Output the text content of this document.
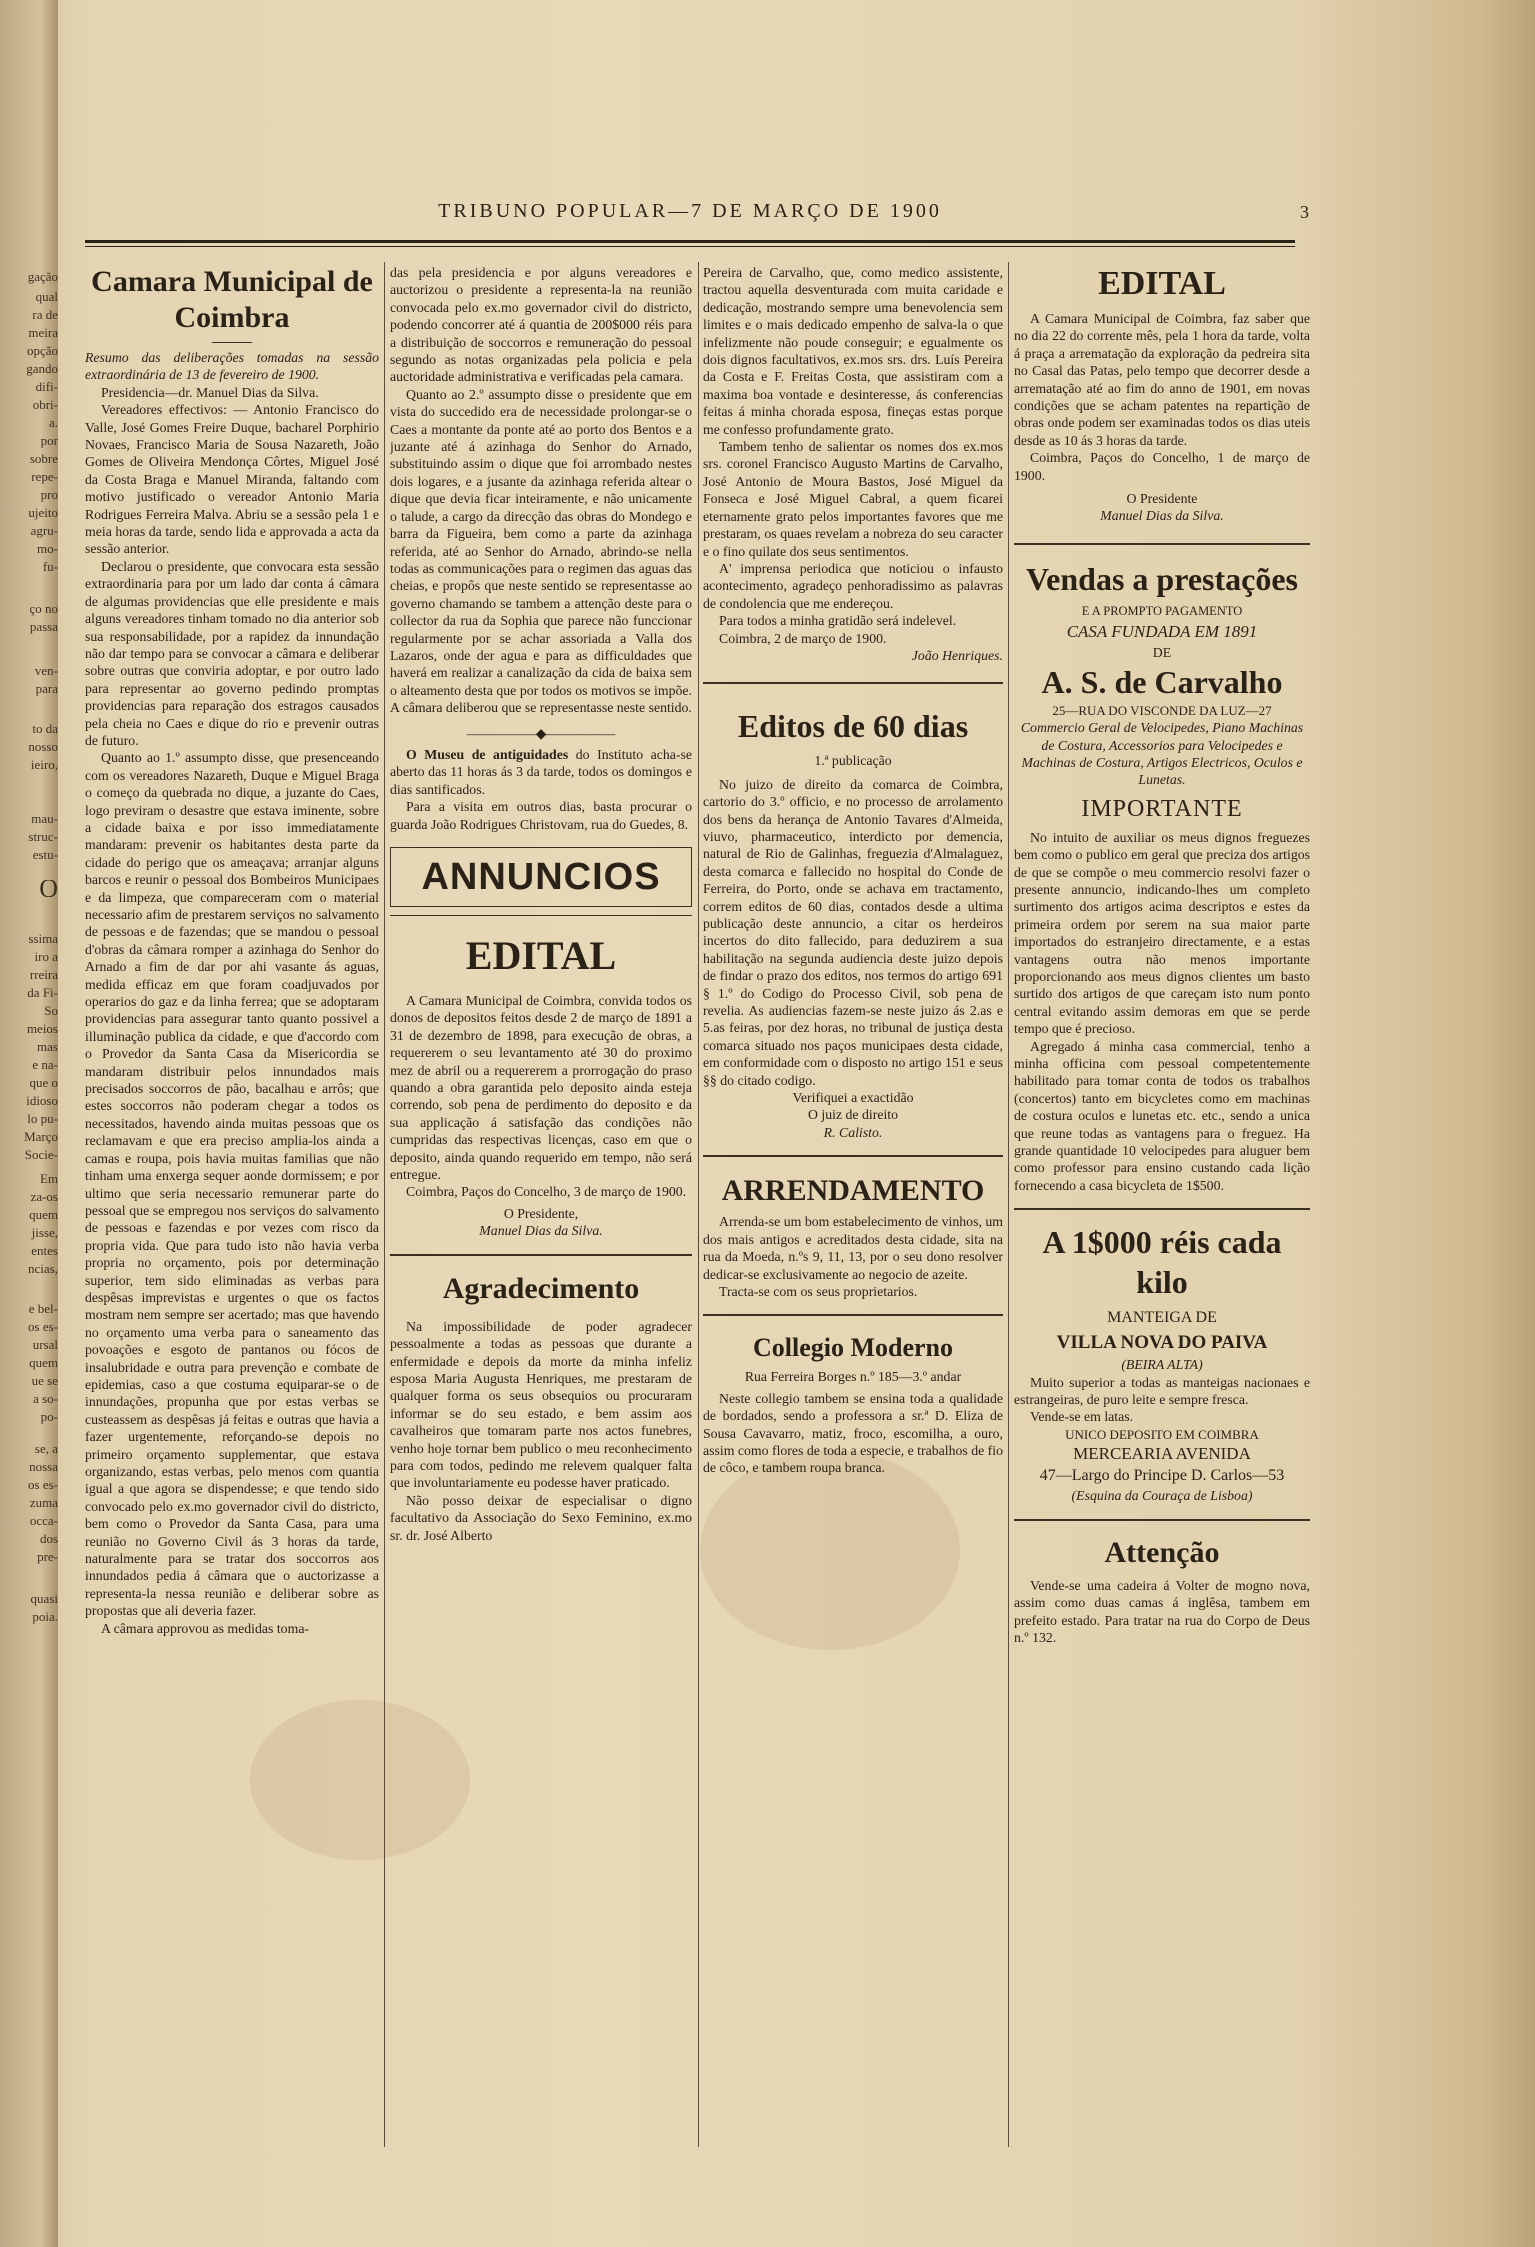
gação
qual
ra de
meira
opção
gando
difi-
obri-
a.
por
sobre
repe-
pro
ujeito
agru-
mo-
fu-
ço no
passa
ven-
para
to da
nosso
ieiro,
mau-
struc-
estu-
O
ssima
iro a
rreira
da Fi-
So
meios
mas
e na-
que o
idioso
lo pu-
Março
Socie-
Em
za-os
quem
jisse,
entes
ncias,
e bel-
os es-
ursal
quem
ue se
a so-
po-
se, a
nossa
os es-
zuma
occa-
dos
pre-
quasi
poia.
TRIBUNO POPULAR—7 DE MARÇO DE 1900	3
Camara Municipal de Coimbra

Resumo das deliberações tomadas na sessão extraordinária de 13 de fevereiro de 1900.

Presidencia—dr. Manuel Dias da Silva.

Vereadores effectivos: — Antonio Francisco do Valle, José Gomes Freire Duque, bacharel Porphirio Novaes, Francisco Maria de Sousa Nazareth, João Gomes de Oliveira Mendonça Côrtes, Miguel José da Costa Braga e Manuel Miranda, faltando com motivo justificado o vereador Antonio Maria Rodrigues Ferreira Malva. Abriu se a sessão pela 1 e meia horas da tarde, sendo lida e approvada a acta da sessão anterior.

Declarou o presidente, que convocara esta sessão extraordinaria para por um lado dar conta á câmara de algumas providencias que elle presidente e mais alguns vereadores tinham tomado no dia anterior sob sua responsabilidade, por a rapidez da innundação não dar tempo para se convocar a câmara e deliberar sobre outras que conviria adoptar, e por outro lado para representar ao governo pedindo promptas providencias para reparação dos estragos causados pela cheia no Caes e dique do rio e prevenir outras de futuro.

Quanto ao 1.º assumpto disse, que presenceando com os vereadores Nazareth, Duque e Miguel Braga o começo da quebrada no dique, a juzante do Caes, logo previram o desastre que estava iminente, sobre a cidade baixa e por isso immediatamente mandaram: prevenir os habitantes desta parte da cidade do perigo que os ameaçava; arranjar alguns barcos e reunir o pessoal dos Bombeiros Municipaes e da limpeza, que compareceram com o material necessario afim de prestarem serviços no salvamento de pessoas e de fazendas; que se mandou o pessoal d'obras da câmara romper a azinhaga do Senhor do Arnado a fim de dar por ahi vasante ás aguas, medida efficaz em que foram coadjuvados por operarios do gaz e da linha ferrea; que se adoptaram providencias para assegurar tanto quanto possivel a illuminação publica da cidade, e que d'accordo com o Provedor da Santa Casa da Misericordia se mandaram distribuir pelos innundados mais precisados soccorros de pão, bacalhau e arrôs; que estes soccorros não poderam chegar a todos os necessitados, havendo ainda muitas pessoas que os reclamavam e que era preciso amplia-los ainda a camas e roupa, pois havia muitas familias que não tinham uma enxerga sequer aonde dormissem; e por ultimo que seria necessario remunerar parte do pessoal que se empregou nos serviços do salvamento de pessoas e fazendas e por vezes com risco da propria vida. Que para tudo isto não havia verba propria no orçamento, pois por determinação superior, tem sido eliminadas as verbas para despêsas imprevistas e urgentes o que os factos mostram nem sempre ser acertado; mas que havendo no orçamento uma verba para o saneamento das povoações e esgoto de pantanos ou fócos de insalubridade e outra para prevenção e combate de epidemias, caso a que costuma equiparar-se o de innundações, propunha que por estas verbas se custeassem as despêsas já feitas e outras que havia a fazer urgentemente, reforçando-se depois no primeiro orçamento supplementar, que estava organizando, estas verbas, pelo menos com quantia igual a que agora se dispendesse; e que tendo sido convocado pelo ex.mo governador civil do districto, bem como o Provedor da Santa Casa, para uma reunião no Governo Civil ás 3 horas da tarde, naturalmente para se tratar dos soccorros aos innundados pedia á câmara que o auctorizasse a representa-la nessa reunião e deliberar sobre as propostas que ali deveria fazer.

A câmara approvou as medidas toma-

das pela presidencia e por alguns vereadores e auctorizou o presidente a representa-la na reunião convocada pelo ex.mo governador civil do districto, podendo concorrer até á quantia de 200$000 réis para a distribuição de soccorros e remuneração do pessoal segundo as notas organizadas pela policia e pela auctoridade administrativa e verificadas pela camara.

Quanto ao 2.º assumpto disse o presidente que em vista do succedido era de necessidade prolongar-se o Caes a montante da ponte até ao porto dos Bentos e a juzante até á azinhaga do Senhor do Arnado, substituindo assim o dique que foi arrombado nestes dois logares, e a jusante da azinhaga referida altear o dique que devia ficar inteiramente, e não unicamente o talude, a cargo da direcção das obras do Mondego e barra da Figueira, bem como a parte da azinhaga referida, até ao Senhor do Arnado, abrindo-se nella todas as communicações para o regimen das aguas das cheias, e propôs que neste sentido se representasse ao governo chamando se tambem a attenção deste para o collector da rua da Sophia que parece não funccionar regularmente por se achar assoriada a Valla dos Lazaros, onde der agua e para as difficuldades que haverá em realizar a canalização da cida de baixa sem o alteamento desta que por todos os motivos se impõe. A câmara deliberou que se representasse neste sentido.

—————◆—————

O Museu de antiguidades do Instituto acha-se aberto das 11 horas ás 3 da tarde, todos os domingos e dias santificados.

Para a visita em outros dias, basta procurar o guarda João Rodrigues Christovam, rua do Guedes, 8.

ANNUNCIOS
EDITAL

A Camara Municipal de Coimbra, convida todos os donos de depositos feitos desde 2 de março de 1891 a 31 de dezembro de 1898, para execução de obras, a requererem o seu levantamento até 30 do proximo mez de abril ou a requererem a prorrogação do praso quando a obra garantida pelo deposito ainda esteja correndo, sob pena de perdimento do deposito e da sua applicação á satisfação das condições não cumpridas das respectivas licenças, caso em que o deposito, ainda quando requerido em tempo, não será entregue.

Coimbra, Paços do Concelho, 3 de março de 1900.

O Presidente,

Manuel Dias da Silva.

Agradecimento

Na impossibilidade de poder agradecer pessoalmente a todas as pessoas que durante a enfermidade e depois da morte da minha infeliz esposa Maria Augusta Henriques, me prestaram de qualquer forma os seus obsequios ou procuraram informar se do seu estado, e bem assim aos cavalheiros que tomaram parte nos actos funebres, venho hoje tornar bem publico o meu reconhecimento para com todos, pedindo me relevem qualquer falta que involuntariamente eu podesse haver praticado.

Não posso deixar de especialisar o digno facultativo da Associação do Sexo Feminino, ex.mo sr. dr. José Alberto

Pereira de Carvalho, que, como medico assistente, tractou aquella desventurada com muita caridade e dedicação, mostrando sempre uma benevolencia sem limites e o mais dedicado empenho de salva-la o que infelizmente não poude conseguir; e egualmente os dois dignos facultativos, ex.mos srs. drs. Luís Pereira da Costa e F. Freitas Costa, que assistiram com a maxima boa vontade e desinteresse, ás conferencias feitas á minha chorada esposa, fineças estas porque me confesso profundamente grato.

Tambem tenho de salientar os nomes dos ex.mos srs. coronel Francisco Augusto Martins de Carvalho, José Antonio de Moura Bastos, José Miguel da Fonseca e José Miguel Cabral, a quem ficarei eternamente grato pelos importantes favores que me prestaram, os quaes revelam a nobreza do seu caracter e o fino quilate dos seus sentimentos.

A' imprensa periodica que noticiou o infausto acontecimento, agradeço penhoradissimo as palavras de condolencia que me endereçou.

Para todos a minha gratidão será indelevel.

Coimbra, 2 de março de 1900.

João Henriques.

Editos de 60 dias

1.ª publicação

No juizo de direito da comarca de Coimbra, cartorio do 3.º officio, e no processo de arrolamento dos bens da herança de Antonio Tavares d'Almeida, viuvo, pharmaceutico, interdicto por demencia, natural de Rio de Galinhas, freguezia d'Almalaguez, desta comarca e fallecido no hospital do Conde de Ferreira, do Porto, onde se achava em tractamento, correm editos de 60 dias, contados desde a ultima publicação deste annuncio, a citar os herdeiros incertos do dito fallecido, para deduzirem a sua habilitação na segunda audiencia deste juizo depois de findar o prazo dos editos, nos termos do artigo 691 § 1.º do Codigo do Processo Civil, sob pena de revelia. As audiencias fazem-se neste juizo ás 2.as e 5.as feiras, por dez horas, no tribunal de justiça desta comarca situado nos paços municipaes desta cidade, em conformidade com o disposto no artigo 151 e seus §§ do citado codigo.

Verifiquei a exactidão

O juiz de direito

R. Calisto.

ARRENDAMENTO

Arrenda-se um bom estabelecimento de vinhos, um dos mais antigos e acreditados desta cidade, sita na rua da Moeda, n.ºs 9, 11, 13, por o seu dono resolver dedicar-se exclusivamente ao negocio de azeite.

Tracta-se com os seus proprietarios.

Collegio Moderno

Rua Ferreira Borges n.º 185—3.º andar

Neste collegio tambem se ensina toda a qualidade de bordados, sendo a professora a sr.ª D. Eliza de Sousa Cavavarro, matiz, froco, escomilha, a ouro, assim como flores de toda a especie, e trabalhos de fio de côco, e tambem roupa branca.

EDITAL

A Camara Municipal de Coimbra, faz saber que no dia 22 do corrente mês, pela 1 hora da tarde, volta á praça a arrematação da exploração da pedreira sita no Casal das Patas, pelo tempo que decorrer desde a arrematação até ao fim do anno de 1901, em novas condições que se acham patentes na repartição de obras onde podem ser examinadas todos os dias uteis desde as 10 ás 3 horas da tarde.

Coimbra, Paços do Concelho, 1 de março de 1900.

O Presidente

Manuel Dias da Silva.

Vendas a prestações

E A PROMPTO PAGAMENTO

CASA FUNDADA EM 1891

DE

A. S. de Carvalho

25—RUA DO VISCONDE DA LUZ—27

Commercio Geral de Velocipedes, Piano Machinas de Costura, Accessorios para Velocipedes e Machinas de Costura, Artigos Electricos, Oculos e Lunetas.

IMPORTANTE

No intuito de auxiliar os meus dignos freguezes bem como o publico em geral que preciza dos artigos de que se compõe o meu commercio resolvi fazer o presente annuncio, indicando-lhes um completo surtimento dos artigos acima descriptos e estes da primeira ordem por serem na sua maior parte importados do estranjeiro directamente, e a estas vantagens outra não menos importante proporcionando aos meus dignos clientes um basto surtido dos artigos de que careçam isto num ponto central evitando assim demoras em que se perde tempo que é precioso.

Agregado á minha casa commercial, tenho a minha officina com pessoal competentemente habilitado para tomar conta de todos os trabalhos (concertos) tanto em bicycletes como em machinas de costura oculos e lunetas etc. etc., sendo a unica que reune todas as vantagens para o freguez. Ha grande quantidade 10 velocipedes para aluguer bem como professor para ensino custando cada lição fornecendo a casa bicycleta de 1$500.

A 1$000 réis cada kilo

MANTEIGA DE

VILLA NOVA DO PAIVA

(BEIRA ALTA)

Muito superior a todas as manteigas nacionaes e estrangeiras, de puro leite e sempre fresca.

Vende-se em latas.

UNICO DEPOSITO EM COIMBRA

MERCEARIA AVENIDA

47—Largo do Principe D. Carlos—53

(Esquina da Couraça de Lisboa)

Attenção

Vende-se uma cadeira á Volter de mogno nova, assim como duas camas á inglêsa, tambem em prefeito estado. Para tratar na rua do Corpo de Deus n.º 132.
